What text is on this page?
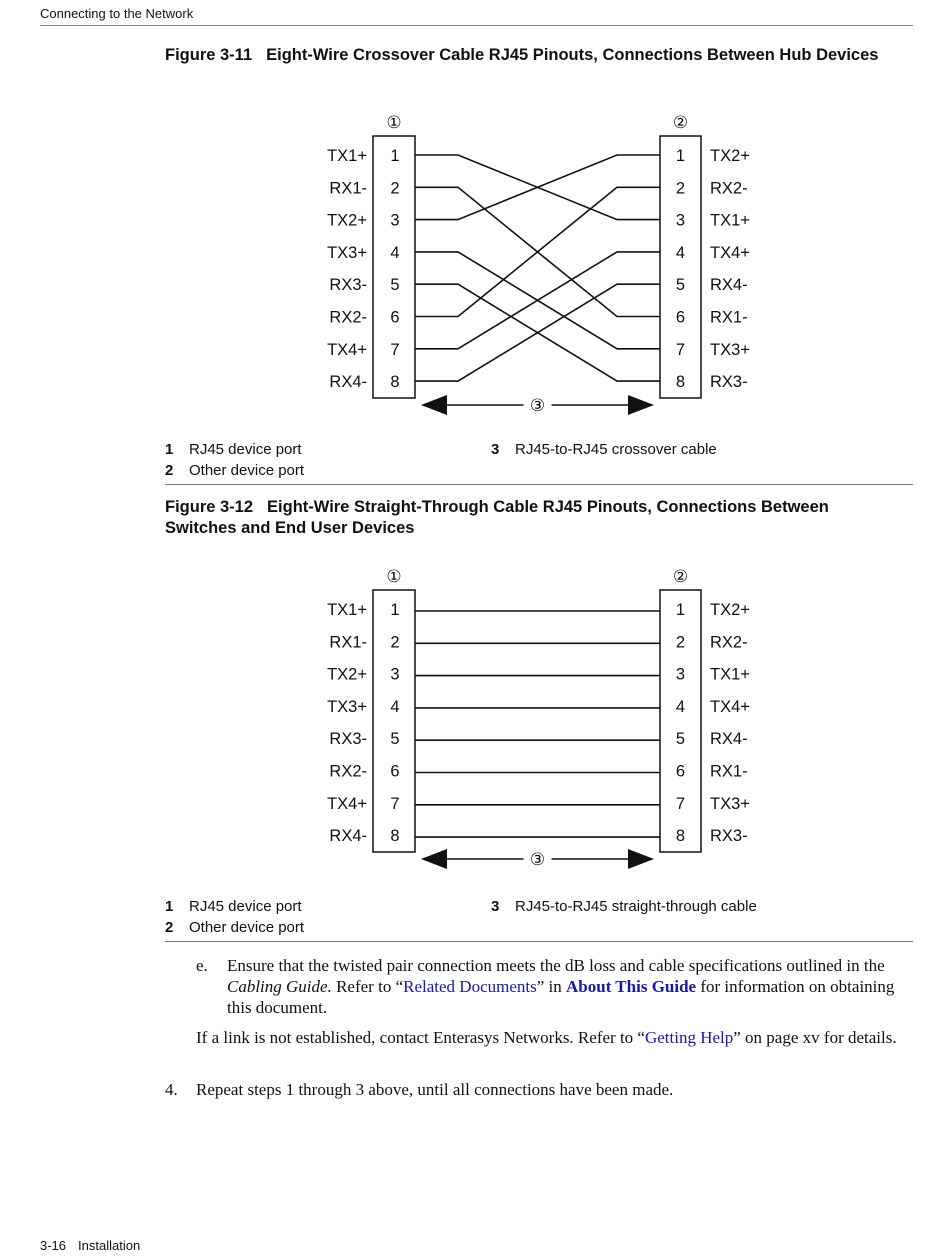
Connecting to the Network
Figure 3-11 Eight-Wire Crossover Cable RJ45 Pinouts, Connections Between Hub Devices
①	②
TX1+ 1
RX1- 2
TX2+ 3
TX3+ 4
RX3- 5
RX2- 6
TX4+ 7
RX4- 8
1 TX2+
2 RX2-
3 TX1+
4 TX4+
5 RX4-
6 RX1-
7 TX3+
8 RX3-
③
1 RJ45 device port
2 Other device port
3 RJ45-to-RJ45 crossover cable
Figure 3-12 Eight-Wire Straight-Through Cable RJ45 Pinouts, Connections Between Switches and End User Devices
①	②
TX1+ 1
RX1- 2
TX2+ 3
TX3+ 4
RX3- 5
RX2- 6
TX4+ 7
RX4- 8
1 TX2+
2 RX2-
3 TX1+
4 TX4+
5 RX4-
6 RX1-
7 TX3+
8 RX3-
③
1 RJ45 device port
2 Other device port
3 RJ45-to-RJ45 straight-through cable
e. Ensure that the twisted pair connection meets the dB loss and cable specifications outlined in the Cabling Guide. Refer to “Related Documents” in About This Guide for information on obtaining this document.
If a link is not established, contact Enterasys Networks. Refer to “Getting Help” on page xv for details.
4. Repeat steps 1 through 3 above, until all connections have been made.
3-16 Installation
